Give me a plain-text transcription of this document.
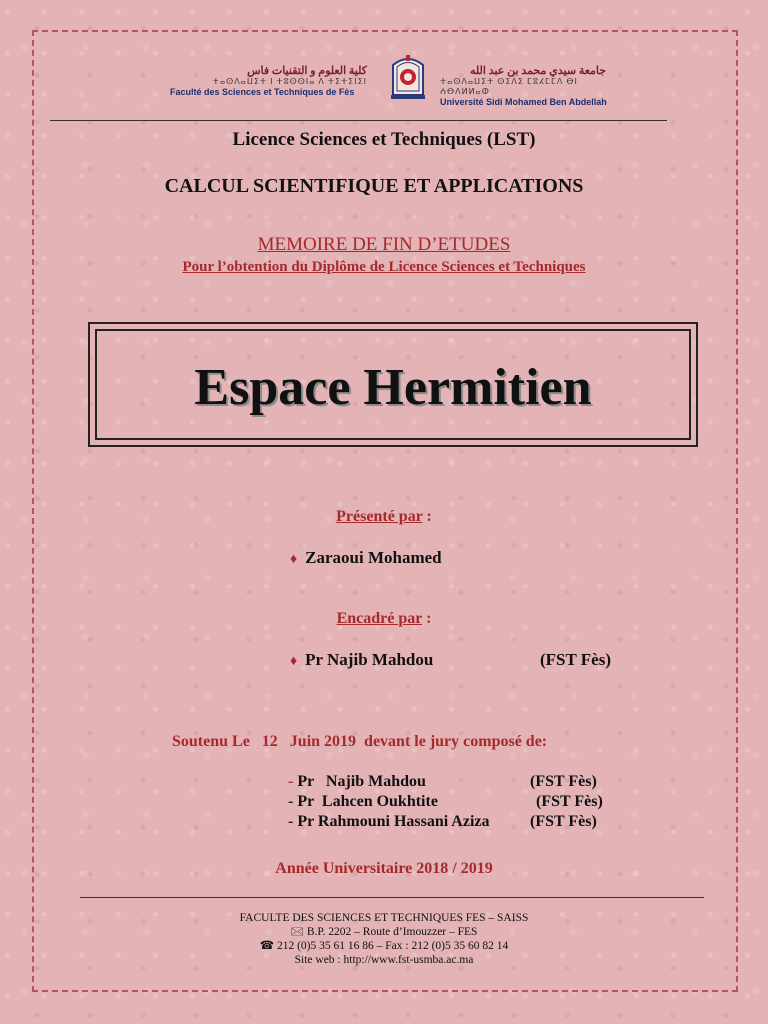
كلية العلوم و التقنيات فاس
ⵜⴰⵙⴷⴰⵡⵉⵜ ⵏ ⵜⵓⵙⵙⵏⴰ ⴷ ⵜⵉⵜⵉⵏⵉⵏ
Faculté des Sciences et Techniques de Fès
جامعة سيدي محمد بن عبد الله
ⵜⴰⵙⴷⴰⵡⵉⵜ ⵙⵉⴷⵉ ⵎⵓⵃⵎⵎⴷ ⴱⵏ ⵄⴱⴷⵍⵍⴰⵀ
Université Sidi Mohamed Ben Abdellah
Licence Sciences et Techniques (LST)
CALCUL SCIENTIFIQUE ET APPLICATIONS
MEMOIRE DE FIN D’ETUDES
Pour l’obtention du Diplôme de Licence Sciences et Techniques
Espace Hermitien
Présenté par :
♦ Zaraoui Mohamed
Encadré par :
♦ Pr Najib Mahdou	(FST Fès)
Soutenu Le   12   Juin 2019  devant le jury composé de:
- Pr   Najib Mahdou	(FST Fès)
- Pr  Lahcen Oukhtite	(FST Fès)
- Pr Rahmouni Hassani Aziza	(FST Fès)
Année Universitaire 2018 / 2019
FACULTE DES SCIENCES ET TECHNIQUES FES – SAISS
🖂 B.P. 2202 – Route d’Imouzzer – FES
☎ 212 (0)5 35 61 16 86 – Fax : 212 (0)5 35 60 82 14
Site web : http://www.fst-usmba.ac.ma
